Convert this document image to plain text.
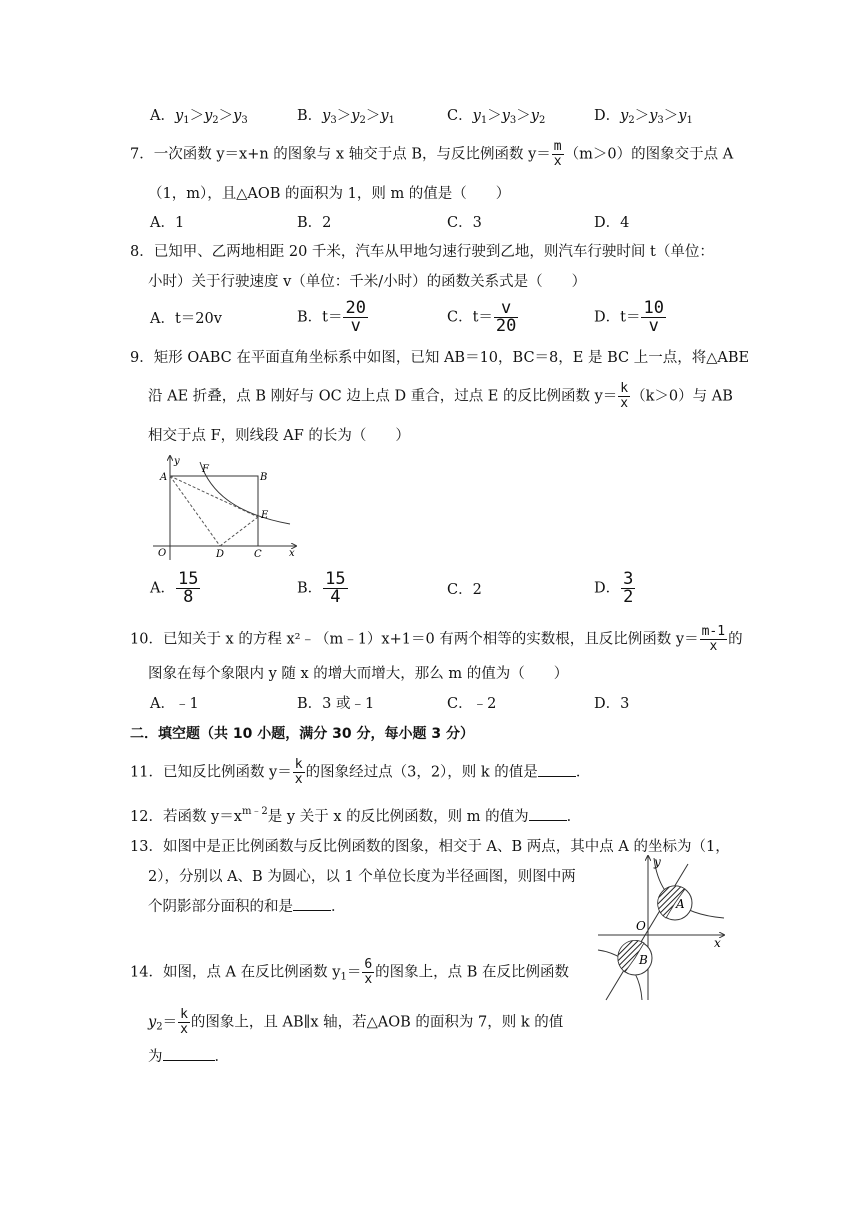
A．$y_1>y_2>y_3$	B．$y_3>y_2>y_1$	C．$y_1>y_3>y_2$	D．$y_2>y_3>y_1$
7．一次函数 y＝x+n 的图象与 x 轴交于点 B，与反比例函数 $y= \frac{m}{x} (m>0)$的图象交于点 A
（1，m），且△AOB 的面积为 1，则 m 的值是（　　）
A．1	B．2	C．3	D．4
8．已知甲、乙两地相距 20 千米，汽车从甲地匀速行驶到乙地，则汽车行驶时间 t（单位：
小时）关于行驶速度 v（单位：千米/小时）的函数关系式是（　　）
A．t＝20v	B．$t= \frac{20}{v}$	C．$t= \frac{v}{20}$	D．$t= \frac{10}{v}$
9．矩形 OABC 在平面直角坐标系中如图，已知 AB＝10，BC＝8，E 是 BC 上一点，将△ABE
沿 AE 折叠，点 B 刚好与 OC 边上点 D 重合，过点 E 的反比例函数 $y= \frac{k}{x} (k>0)$与 AB
相交于点 F，则线段 AF 的长为（　　）
y
A
F
B
E
O	D	C	x
A． $\frac{15}{8}$	B． $\frac{15}{4}$	C．2	D． $\frac{3}{2}$
10．已知关于 x 的方程 x²﹣（m﹣1）x+1＝0 有两个相等的实数根，且反比例函数 $y= \frac{m-1}{x}$ 的
图象在每个象限内 y 随 x 的增大而增大，那么 m 的值为（　　）
A．﹣1	B．3 或﹣1	C．﹣2	D．3
二．填空题（共 10 小题，满分 30 分，每小题 3 分）
11．已知反比例函数 $y= \frac{k}{x}$ 的图象经过点（3，2），则 k 的值是	．
12．若函数 $y=x^{m﹣2}$是 y 关于 x 的反比例函数，则 m 的值为	．
13．如图中是正比例函数与反比例函数的图象，相交于 A、B 两点，其中点 A 的坐标为（1，
2），分别以 A、B 为圆心，以 1 个单位长度为半径画图，则图中两
个阴影部分面积的和是	．
y
A
O
B
x
14．如图，点 A 在反比例函数 $y_1= \frac{6}{x}$ 的图象上，点 B 在反比例函数
$y_2= \frac{k}{x}$ 的图象上，且 AB∥x 轴，若△AOB 的面积为 7，则 k 的值
为	．
